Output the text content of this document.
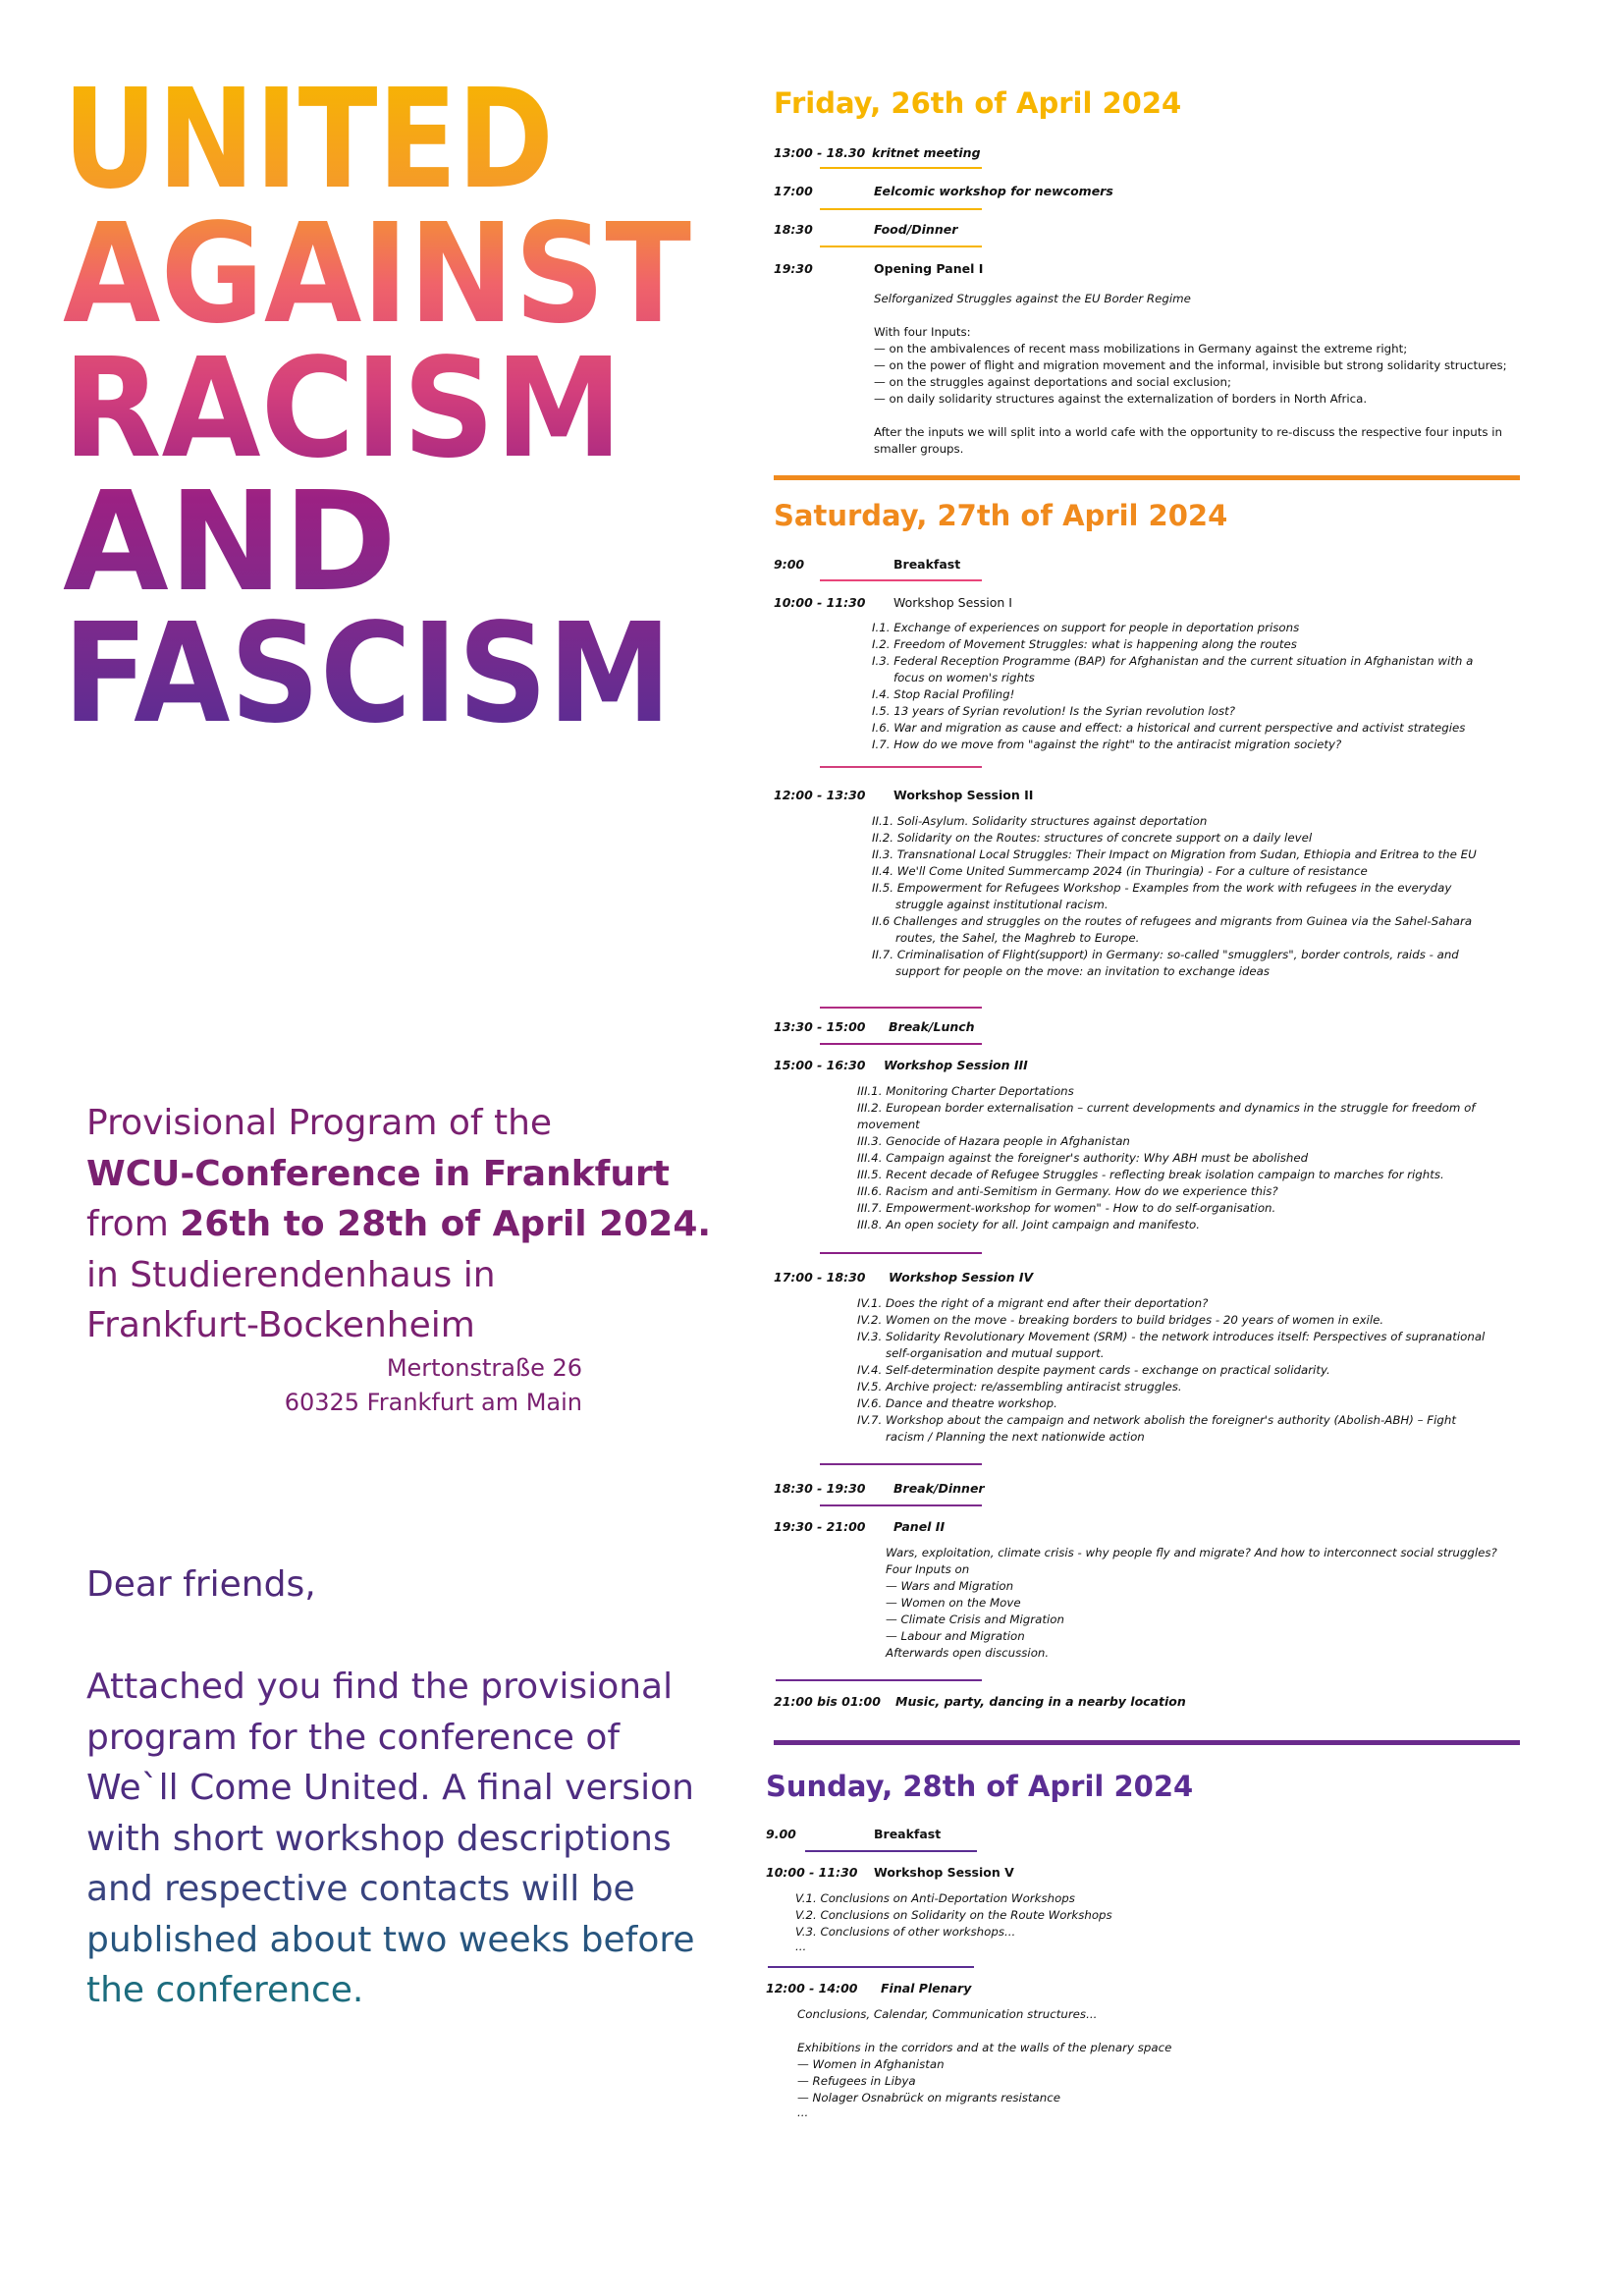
UNITED
AGAINST
RACISM
AND
FASCISM
Provisional Program of the
WCU-Conference in Frankfurt
from 26th to 28th of April 2024.
in Studierendenhaus in
Frankfurt-Bockenheim
Mertonstraße 26
60325 Frankfurt am Main
Dear friends,
Attached you find the provisional
program for the conference of
We`ll Come United. A final version
with short workshop descriptions
and respective contacts will be
published about two weeks before
the conference.
Friday, 26th of April 2024
13:00 - 18.30 kritnet meeting
17:00	Eelcomic workshop for newcomers
18:30	Food/Dinner
19:30	Opening Panel I
Selforganized Struggles against the EU Border Regime
With four Inputs:
— on the ambivalences of recent mass mobilizations in Germany against the extreme right;
— on the power of flight and migration movement and the informal, invisible but strong solidarity structures;
— on the struggles against deportations and social exclusion;
— on daily solidarity structures against the externalization of borders in North Africa.
After the inputs we will split into a world cafe with the opportunity to re-discuss the respective four inputs in
smaller groups.
Saturday, 27th of April 2024
9:00	Breakfast
10:00 - 11:30 Workshop Session I
I.1. Exchange of experiences on support for people in deportation prisons
I.2. Freedom of Movement Struggles: what is happening along the routes
I.3. Federal Reception Programme (BAP) for Afghanistan and the current situation in Afghanistan with a
focus on women's rights
I.4. Stop Racial Profiling!
I.5. 13 years of Syrian revolution! Is the Syrian revolution lost?
I.6. War and migration as cause and effect: a historical and current perspective and activist strategies
I.7. How do we move from "against the right" to the antiracist migration society?
12:00 - 13:30 Workshop Session II
II.1. Soli-Asylum. Solidarity structures against deportation
II.2. Solidarity on the Routes: structures of concrete support on a daily level
II.3. Transnational Local Struggles: Their Impact on Migration from Sudan, Ethiopia and Eritrea to the EU
II.4. We'll Come United Summercamp 2024 (in Thuringia) - For a culture of resistance
II.5. Empowerment for Refugees Workshop - Examples from the work with refugees in the everyday
struggle against institutional racism.
II.6 Challenges and struggles on the routes of refugees and migrants from Guinea via the Sahel-Sahara
routes, the Sahel, the Maghreb to Europe.
II.7. Criminalisation of Flight(support) in Germany: so-called "smugglers", border controls, raids - and
support for people on the move: an invitation to exchange ideas
13:30 - 15:00 Break/Lunch
15:00 - 16:30 Workshop Session III
III.1. Monitoring Charter Deportations
III.2. European border externalisation – current developments and dynamics in the struggle for freedom of
movement
III.3. Genocide of Hazara people in Afghanistan
III.4. Campaign against the foreigner's authority: Why ABH must be abolished
III.5. Recent decade of Refugee Struggles - reflecting break isolation campaign to marches for rights.
III.6. Racism and anti-Semitism in Germany. How do we experience this?
III.7. Empowerment-workshop for women" - How to do self-organisation.
III.8. An open society for all. Joint campaign and manifesto.
17:00 - 18:30 Workshop Session IV
IV.1. Does the right of a migrant end after their deportation?
IV.2. Women on the move - breaking borders to build bridges - 20 years of women in exile.
IV.3. Solidarity Revolutionary Movement (SRM) - the network introduces itself: Perspectives of supranational
self-organisation and mutual support.
IV.4. Self-determination despite payment cards - exchange on practical solidarity.
IV.5. Archive project: re/assembling antiracist struggles.
IV.6. Dance and theatre workshop.
IV.7. Workshop about the campaign and network abolish the foreigner's authority (Abolish-ABH) – Fight
racism / Planning the next nationwide action
18:30 - 19:30 Break/Dinner
19:30 - 21:00 Panel II
Wars, exploitation, climate crisis - why people fly and migrate? And how to interconnect social struggles?
Four Inputs on
— Wars and Migration
— Women on the Move
— Climate Crisis and Migration
— Labour and Migration
Afterwards open discussion.
21:00 bis 01:00 Music, party, dancing in a nearby location
Sunday, 28th of April 2024
9.00	Breakfast
10:00 - 11:30 Workshop Session V
V.1. Conclusions on Anti-Deportation Workshops
V.2. Conclusions on Solidarity on the Route Workshops
V.3. Conclusions of other workshops...
...
12:00 - 14:00 Final Plenary
Conclusions, Calendar, Communication structures...
Exhibitions in the corridors and at the walls of the plenary space
— Women in Afghanistan
— Refugees in Libya
— Nolager Osnabrück on migrants resistance
...
